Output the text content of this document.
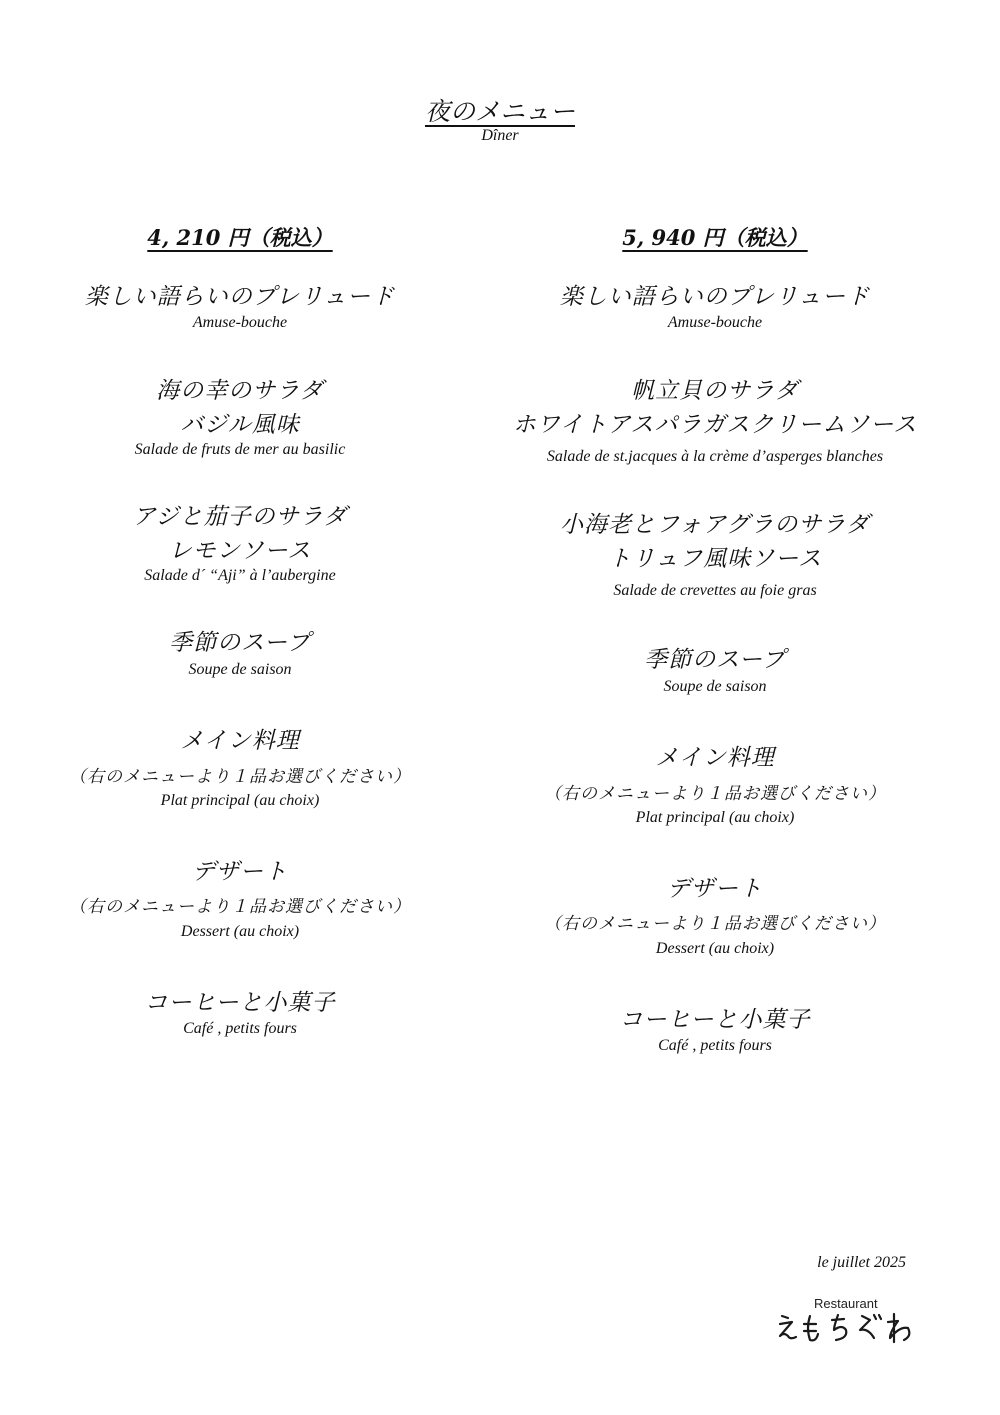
夜のメニュー
Dîner
4, 210 円（税込）
楽しい語らいのプレリュード
Amuse-bouche
海の幸のサラダ
バジル風味
Salade de fruts de mer au basilic
アジと茄子のサラダ
レモンソース
Salade d´ “Aji” à l’aubergine
季節のスープ
Soupe de saison
メイン料理
（右のメニューより１品お選びください）
Plat principal (au choix)
デザート
（右のメニューより１品お選びください）
Dessert (au choix)
コーヒーと小菓子
Café , petits fours
5, 940 円（税込）
楽しい語らいのプレリュード
Amuse-bouche
帆立貝のサラダ
ホワイトアスパラガスクリームソース
Salade de st.jacques à la crème d’asperges blanches
小海老とフォアグラのサラダ
トリュフ風味ソース
Salade de crevettes au foie gras
季節のスープ
Soupe de saison
メイン料理
（右のメニューより１品お選びください）
Plat principal (au choix)
デザート
（右のメニューより１品お選びください）
Dessert (au choix)
コーヒーと小菓子
Café , petits fours
le juillet 2025
Restaurant
